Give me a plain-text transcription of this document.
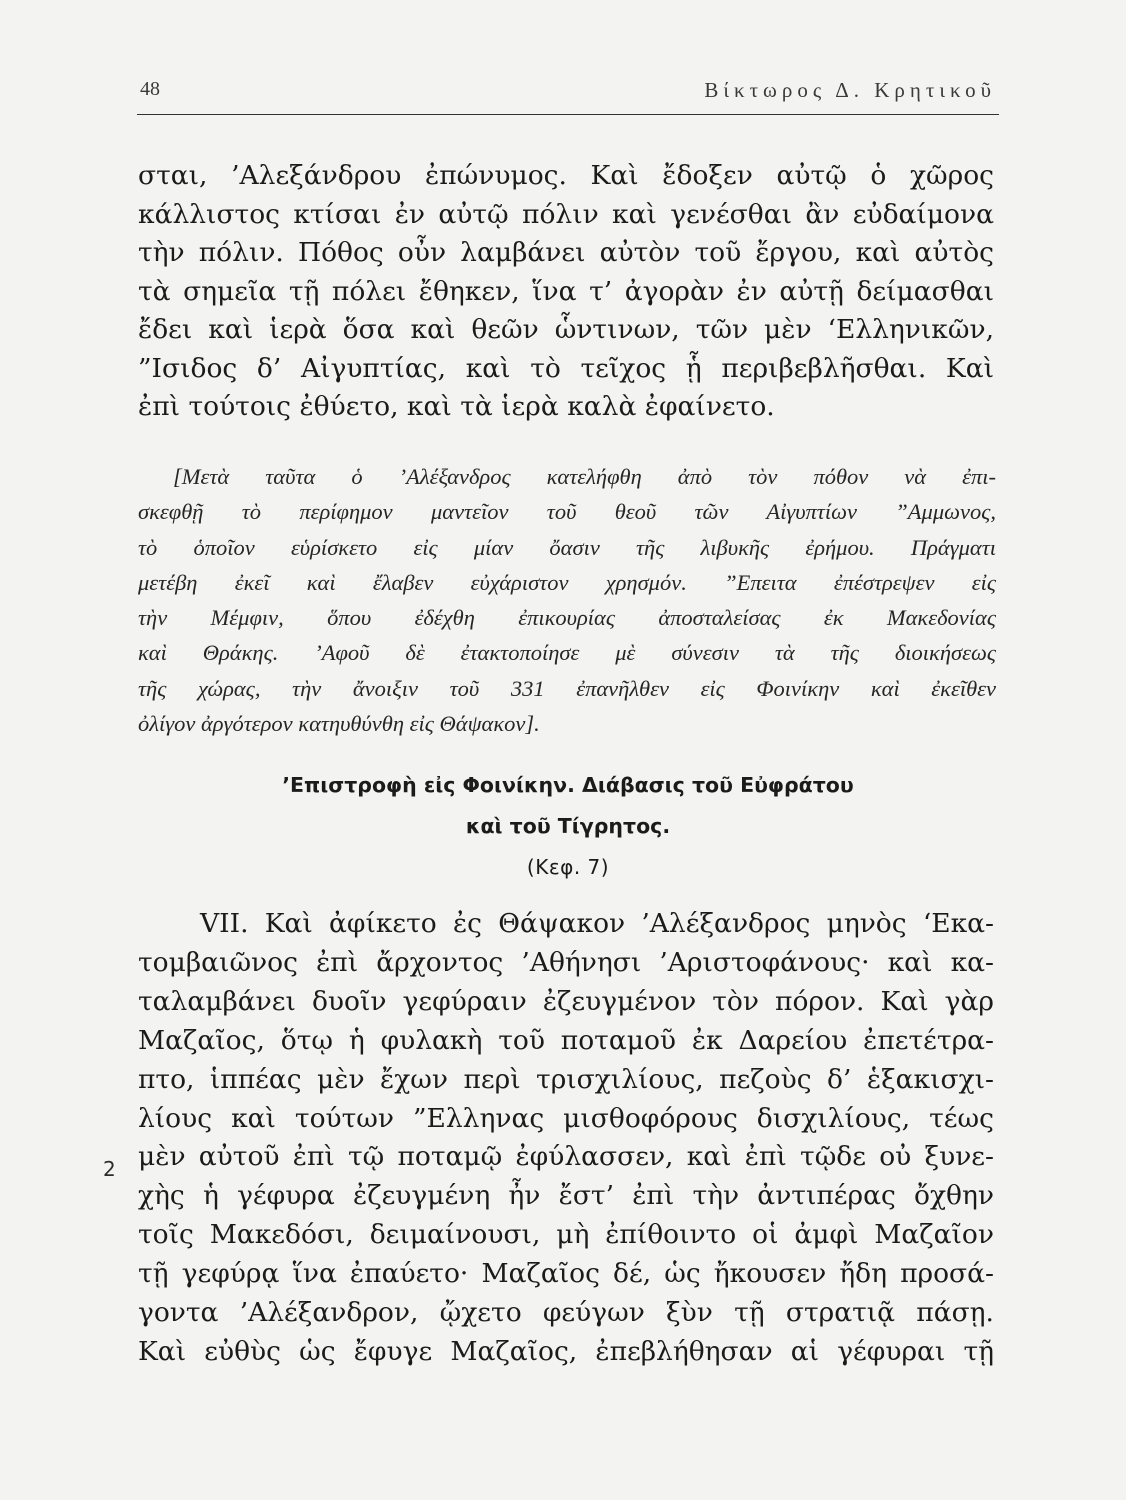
48	Βίκτωρος Δ. Κρητικοῦ
σται, ’Αλεξάνδρου ἐπώνυμος. Καὶ ἔδοξεν αὐτῷ ὁ χῶρος
κάλλιστος κτίσαι ἐν αὐτῷ πόλιν καὶ γενέσθαι ἂν εὐδαίμονα
τὴν πόλιν. Πόθος οὖν λαμβάνει αὐτὸν τοῦ ἔργου, καὶ αὐτὸς
τὰ σημεῖα τῇ πόλει ἔθηκεν, ἵνα τ’ ἀγορὰν ἐν αὐτῇ δείμασθαι
ἔδει καὶ ἱερὰ ὅσα καὶ θεῶν ὧντινων, τῶν μὲν ‘Ελληνικῶν,
”Ισιδος δ’ Αἰγυπτίας, καὶ τὸ τεῖχος ᾗ περιβεβλῆσθαι. Καὶ
ἐπὶ τούτοις ἐθύετο, καὶ τὰ ἱερὰ καλὰ ἐφαίνετο.
[Μετὰ ταῦτα ὁ ’Αλέξανδρος κατελήφθη ἀπὸ τὸν πόθον νὰ ἐπι-
σκεφθῇ τὸ περίφημον μαντεῖον τοῦ θεοῦ τῶν Αἰγυπτίων ”Αμμωνος,
τὸ ὁποῖον εὑρίσκετο εἰς μίαν ὄασιν τῆς λιβυκῆς ἐρήμου. Πράγματι
μετέβη ἐκεῖ καὶ ἔλαβεν εὐχάριστον χρησμόν. ”Επειτα ἐπέστρεψεν εἰς
τὴν Μέμφιν, ὅπου ἐδέχθη ἐπικουρίας ἀποσταλείσας ἐκ Μακεδονίας
καὶ Θράκης. ’Αφοῦ δὲ ἐτακτοποίησε μὲ σύνεσιν τὰ τῆς διοικήσεως
τῆς χώρας, τὴν ἄνοιξιν τοῦ 331 ἐπανῆλθεν εἰς Φοινίκην καὶ ἐκεῖθεν
ὀλίγον ἀργότερον κατηυθύνθη εἰς Θάψακον].
’Επιστροφὴ εἰς Φοινίκην. Διάβασις τοῦ Εὐφράτου
καὶ τοῦ Τίγρητος.
(Κεφ. 7)
VII. Καὶ ἀφίκετο ἐς Θάψακον ’Αλέξανδρος μηνὸς ‘Εκα-
τομβαιῶνος ἐπὶ ἄρχοντος ’Αθήνησι ’Αριστοφάνους· καὶ κα-
ταλαμβάνει δυοῖν γεφύραιν ἐζευγμένον τὸν πόρον. Καὶ γὰρ
Μαζαῖος, ὅτῳ ἡ φυλακὴ τοῦ ποταμοῦ ἐκ Δαρείου ἐπετέτρα-
πτο, ἱππέας μὲν ἔχων περὶ τρισχιλίους, πεζοὺς δ’ ἑξακισχι-
λίους καὶ τούτων ”Ελληνας μισθοφόρους δισχιλίους, τέως
μὲν αὐτοῦ ἐπὶ τῷ ποταμῷ ἐφύλασσεν, καὶ ἐπὶ τῷδε οὐ ξυνε-
χὴς ἡ γέφυρα ἐζευγμένη ἦν ἔστ’ ἐπὶ τὴν ἀντιπέρας ὄχθην
τοῖς Μακεδόσι, δειμαίνουσι, μὴ ἐπίθοιντο οἱ ἀμφὶ Μαζαῖον
τῇ γεφύρᾳ ἵνα ἐπαύετο· Μαζαῖος δέ, ὡς ἤκουσεν ἤδη προσά-
γοντα ’Αλέξανδρον, ᾤχετο φεύγων ξὺν τῇ στρατιᾷ πάσῃ.
Καὶ εὐθὺς ὡς ἔφυγε Μαζαῖος, ἐπεβλήθησαν αἱ γέφυραι τῇ
2
